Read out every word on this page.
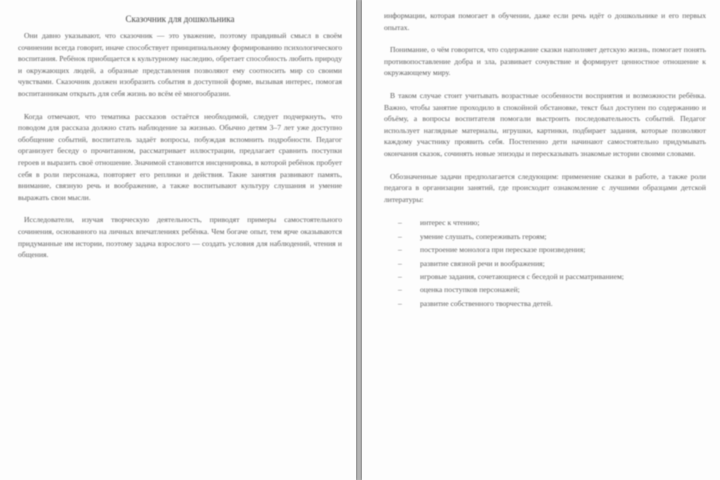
Сказочник для дошкольника

Они давно указывают, что сказочник — это уважение, поэтому правдивый смысл в своём сочинении всегда говорит, иначе способствует принципиальному формированию психологического воспитания. Ребёнок приобщается к культурному наследию, обретает способность любить природу и окружающих людей, а образные представления позволяют ему соотносить мир со своими чувствами. Сказочник должен изобразить события в доступной форме, вызывая интерес, помогая воспитанникам открыть для себя жизнь во всём её многообразии.

Когда отмечают, что тематика рассказов остаётся необходимой, следует подчеркнуть, что поводом для рассказа должно стать наблюдение за жизнью. Обычно детям 3–7 лет уже доступно обобщение событий, воспитатель задаёт вопросы, побуждая вспомнить подробности. Педагог организует беседу о прочитанном, рассматривает иллюстрации, предлагает сравнить поступки героев и выразить своё отношение. Значимой становится инсценировка, в которой ребёнок пробует себя в роли персонажа, повторяет его реплики и действия. Такие занятия развивают память, внимание, связную речь и воображение, а также воспитывают культуру слушания и умение выражать свои мысли.

Исследователи, изучая творческую деятельность, приводят примеры самостоятельного сочинения, основанного на личных впечатлениях ребёнка. Чем богаче опыт, тем ярче оказываются придуманные им истории, поэтому задача взрослого — создать условия для наблюдений, чтения и общения.

информации, которая помогает в обучении, даже если речь идёт о дошкольнике и его первых опытах.

Понимание, о чём говорится, что содержание сказки наполняет детскую жизнь, помогает понять противопоставление добра и зла, развивает сочувствие и формирует ценностное отношение к окружающему миру.

В таком случае стоит учитывать возрастные особенности восприятия и возможности ребёнка. Важно, чтобы занятие проходило в спокойной обстановке, текст был доступен по содержанию и объёму, а вопросы воспитателя помогали выстроить последовательность событий. Педагог использует наглядные материалы, игрушки, картинки, подбирает задания, которые позволяют каждому участнику проявить себя. Постепенно дети начинают самостоятельно придумывать окончания сказок, сочинять новые эпизоды и пересказывать знакомые истории своими словами.

Обозначенные задачи предполагается следующим: применение сказки в работе, а также роли педагога в организации занятий, где происходит ознакомление с лучшими образцами детской литературы:

– интерес к чтению;
– умение слушать, сопереживать героям;
– построение монолога при пересказе произведения;
– развитие связной речи и воображения;
– игровые задания, сочетающиеся с беседой и рассматриванием;
– оценка поступков персонажей;
– развитие собственного творчества детей.
